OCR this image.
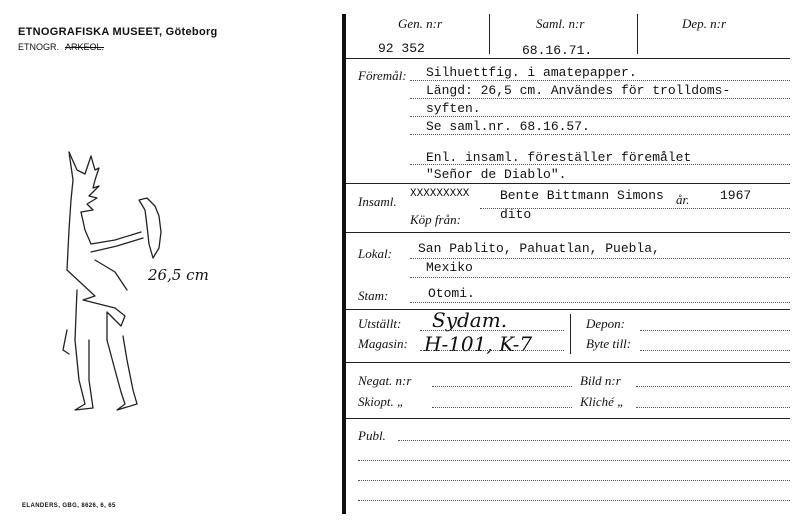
ETNOGRAFISKA MUSEET, Göteborg
ETNOGR. ARKEOL.
26,5 cm
ELANDERS, GBG, 8626, 6, 65
Gen. n:r
92 352
Saml. n:r
68.16.71.
Dep. n:r
Föremål: Silhuettfig. i amatepapper.
Längd: 26,5 cm. Användes för trolldoms-
syften.
Se saml.nr. 68.16.57.
Enl. insaml. föreställer föremålet
"Señor de Diablo".
Insaml. XXXXXXXXX Bente Bittmann Simons år. 1967
Köp från:	dito
Lokal: San Pablito, Pahuatlan, Puebla,
Mexiko
Stam:	Otomi.
Utställt: Sydam.
Magasin: H-101, K-7
Depon:
Byte till:
Negat. n:r	Bild n:r
Skiopt. „	Kliché „
Publ.
